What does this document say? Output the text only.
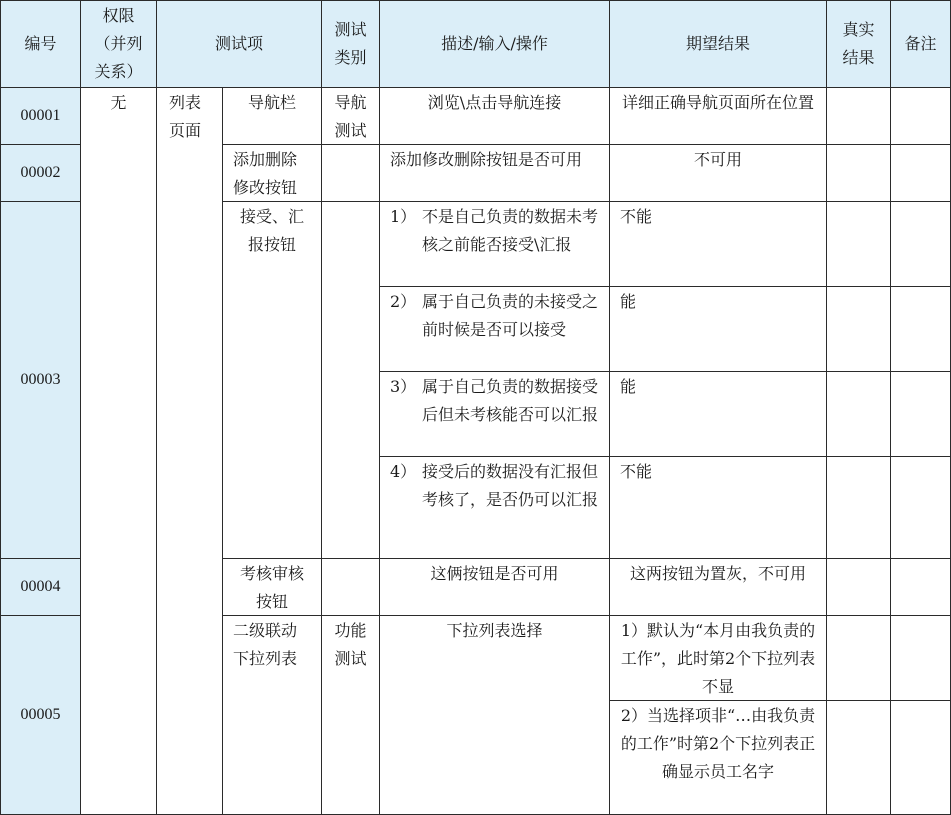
编号
权限（并列关系）
测试项
测试类别
描述/输入/操作	期望结果
真实结果
备注
00001
00002
00003
00004
00005
无	列表页面
导航栏
添加删除修改按钮
接受、汇报按钮
考核审核按钮
二级联动下拉列表
导航测试
功能测试
浏览\点击导航连接
添加修改删除按钮是否可用
1） 不是自己负责的数据未考核之前能否接受\汇报
2） 属于自己负责的未接受之前时候是否可以接受
3） 属于自己负责的数据接受后但未考核能否可以汇报
4） 接受后的数据没有汇报但考核了，是否仍可以汇报
这俩按钮是否可用
下拉列表选择
详细正确导航页面所在位置
不可用
不能
能
能
不能
这两按钮为置灰，不可用
1）默认为“本月由我负责的工作”，此时第2个下拉列表不显
2）当选择项非“…由我负责的工作”时第2个下拉列表正确显示员工名字
